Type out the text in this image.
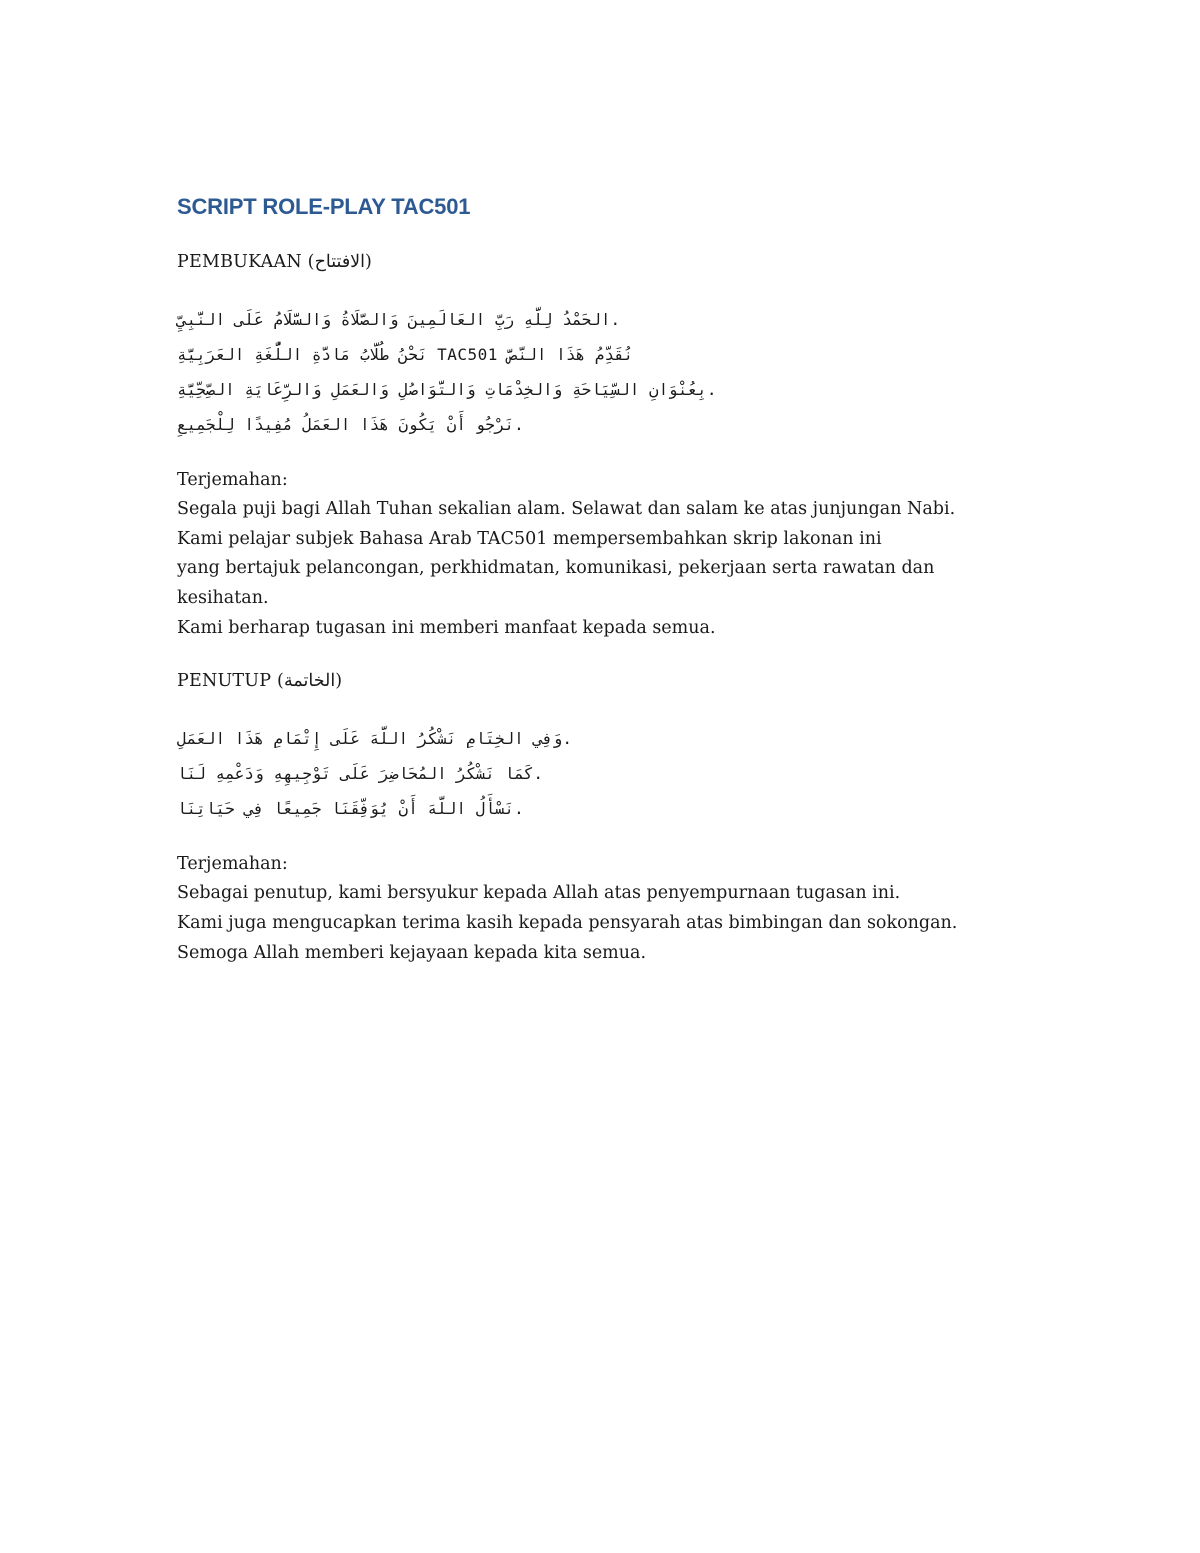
SCRIPT ROLE-PLAY TAC501
PEMBUKAAN (الافتتاح)
الحَمْدُ لِلَّهِ رَبِّ العَالَمِينَ وَالصَّلَاةُ وَالسَّلَامُ عَلَى النَّبِيِّ.
نَحْنُ طُلَّابُ مَادَّةِ اللُّغَةِ العَرَبِيَّةِ TAC501 نُقَدِّمُ هَذَا النَّصَّ
بِعُنْوَانِ السِّيَاحَةِ وَالخِدْمَاتِ وَالتَّوَاصُلِ وَالعَمَلِ وَالرِّعَايَةِ الصِّحِّيَّةِ.
نَرْجُو أَنْ يَكُونَ هَذَا العَمَلُ مُفِيدًا لِلْجَمِيعِ.
Terjemahan:
Segala puji bagi Allah Tuhan sekalian alam. Selawat dan salam ke atas junjungan Nabi.
Kami pelajar subjek Bahasa Arab TAC501 mempersembahkan skrip lakonan ini
yang bertajuk pelancongan, perkhidmatan, komunikasi, pekerjaan serta rawatan dan
kesihatan.
Kami berharap tugasan ini memberi manfaat kepada semua.
PENUTUP (الخاتمة)
وَفِي الخِتَامِ نَشْكُرُ اللَّهَ عَلَى إِتْمَامِ هَذَا العَمَلِ.
كَمَا نَشْكُرُ المُحَاضِرَ عَلَى تَوْجِيهِهِ وَدَعْمِهِ لَنَا.
نَسْأَلُ اللَّهَ أَنْ يُوَفِّقَنَا جَمِيعًا فِي حَيَاتِنَا.
Terjemahan:
Sebagai penutup, kami bersyukur kepada Allah atas penyempurnaan tugasan ini.
Kami juga mengucapkan terima kasih kepada pensyarah atas bimbingan dan sokongan.
Semoga Allah memberi kejayaan kepada kita semua.
